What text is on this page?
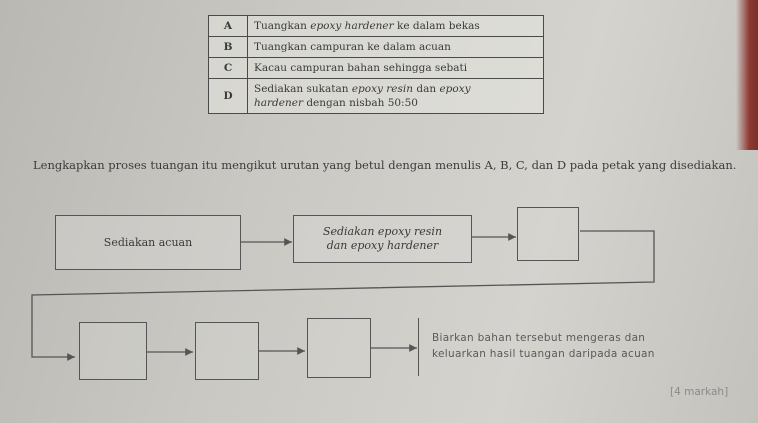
A	Tuangkan epoxy hardener ke dalam bekas
B	Tuangkan campuran ke dalam acuan
C	Kacau campuran bahan sehingga sebati
D	Sediakan sukatan epoxy resin dan epoxy
hardener dengan nisbah 50:50
Lengkapkan proses tuangan itu mengikut urutan yang betul dengan menulis A, B, C, dan D pada petak yang disediakan.
Sediakan acuan
Sediakan epoxy resin
dan epoxy hardener
Biarkan bahan tersebut mengeras dan
keluarkan hasil tuangan daripada acuan
[4 markah]
